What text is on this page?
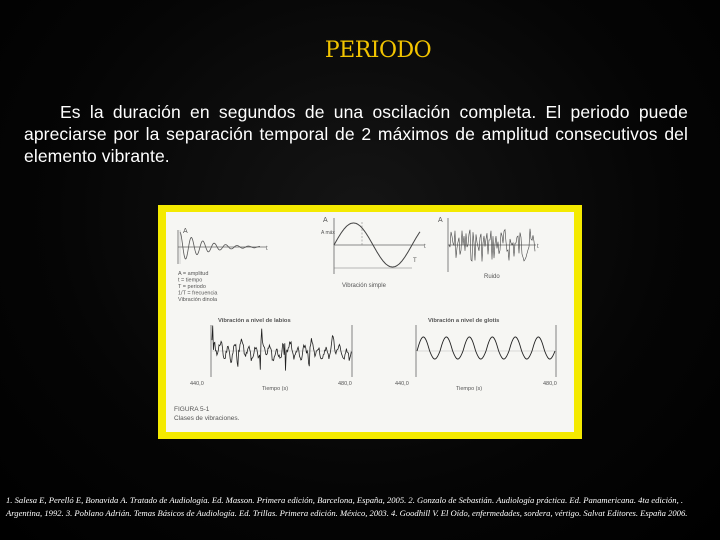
PERIODO
Es la duración en segundos de una oscilación completa. El periodo puede apreciarse por la separación temporal de 2 máximos de amplitud consecutivos del elemento vibrante.
A
t
A = amplitud
t = tiempo
T = periodo
1/T = frecuencia
Vibración dinola
A
A máx
t
T
Vibración simple
A
t
Ruido
Vibración a nivel de labios
440,0	480,0
Tiempo (s)
Vibración a nivel de glotis
440,0	480,0
Tiempo (s)
FIGURA 5-1
Clases de vibraciones.
1. Salesa E, Perelló E, Bonavida A. Tratado de Audiología. Ed. Masson. Primera edición, Barcelona, España, 2005. 2. Gonzalo de Sebastián. Audiología práctica. Ed. Panamericana. 4ta edición, . Argentina, 1992. 3. Poblano Adrián. Temas Básicos de Audiología. Ed. Trillas. Primera edición. México, 2003. 4. Goodhill V. El Oído, enfermedades, sordera, vértigo. Salvat Editores. España 2006.
